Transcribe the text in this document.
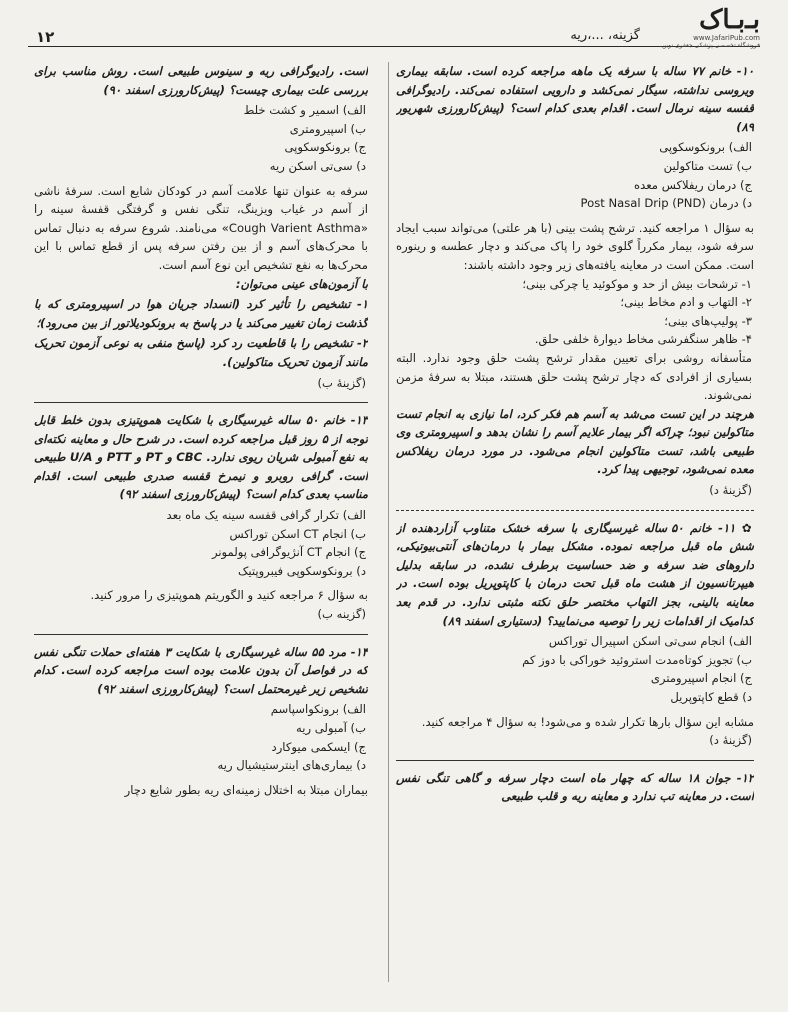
۱۲	گزینه، ...،ریه
بـ‌بـاک
www.JafariPub.com
فروشگاه تخصصی پزشکی جعفری نوین

۱۰- خانم ۷۷ ساله با سرفه یک ماهه مراجعه کرده است. سابقه بیماری ویروسی نداشته، سیگار نمی‌کشد و دارویی استفاده نمی‌کند. رادیوگرافی قفسه سینه نرمال است. اقدام بعدی کدام است؟ (پیش‌کارورزی شهریور ۸۹)

الف) برونکوسکوپی

ب) تست متاکولین

ج) درمان ریفلاکس معده

د) درمان Post Nasal Drip (PND)

به سؤال ۱ مراجعه کنید. ترشح پشت بینی (با هر علتی) می‌تواند سبب ایجاد سرفه شود، بیمار مکرراً گلوی خود را پاک می‌کند و دچار عطسه و رینوره است. ممکن است در معاینه یافته‌های زیر وجود داشته باشند:

۱- ترشحات بیش از حد و موکوئید یا چرکی بینی؛

۲- التهاب و ادم مخاط بینی؛

۳- پولیپ‌های بینی؛

۴- ظاهر سنگفرشی مخاط دیوارهٔ خلفی حلق.

متأسفانه روشی برای تعیین مقدار ترشح پشت حلق وجود ندارد. البته بسیاری از افرادی که دچار ترشح پشت حلق هستند، مبتلا به سرفهٔ مزمن نمی‌شوند.

هرچند در این تست می‌شد به آسم هم فکر کرد، اما نیازی به انجام تست متاکولین نبود؛ چراکه اگر بیمار علایم آسم را نشان بدهد و اسپیرومتری وی طبیعی باشد، تست متاکولین انجام می‌شود. در مورد درمان ریفلاکس معده نمی‌شود، توجیهی پیدا کرد.

(گزینهٔ د)

✿ ۱۱- خانم ۵۰ ساله غیرسیگاری با سرفه خشک متناوب آزاردهنده از شش ماه قبل مراجعه نموده. مشکل بیمار با درمان‌های آنتی‌بیوتیکی، داروهای ضد سرفه و ضد حساسیت برطرف نشده، در سابقه بدلیل هیپرتانسیون از هشت ماه قبل تحت درمان با کاپتوپریل بوده است. در معاینه بالینی، بجز التهاب مختصر حلق نکته مثبتی ندارد. در قدم بعد کدامیک از اقدامات زیر را توصیه می‌نمایید؟ (دستیاری اسفند ۸۹)

الف) انجام سی‌تی اسکن اسپیرال توراکس

ب) تجویز کوتاه‌مدت استروئید خوراکی با دوز کم

ج) انجام اسپیرومتری

د) قطع کاپتوپریل

مشابه این سؤال بارها تکرار شده و می‌شود! به سؤال ۴ مراجعه کنید.

(گزینهٔ د)

۱۲- جوان ۱۸ ساله که چهار ماه است دچار سرفه و گاهی تنگی نفس است. در معاینه تب ندارد و معاینه ریه و قلب طبیعی

است. رادیوگرافی ریه و سینوس طبیعی است. روش مناسب برای بررسی علت بیماری چیست؟ (پیش‌کارورزی اسفند ۹۰)

الف) اسمیر و کشت خلط

ب) اسپیرومتری

ج) برونکوسکوپی

د) سی‌تی اسکن ریه

سرفه به عنوان تنها علامت آسم در کودکان شایع است. سرفهٔ ناشی از آسم در غیاب ویزینگ، تنگی نفس و گرفتگی قفسهٔ سینه را «Cough Varient Asthma» می‌نامند. شروع سرفه به دنبال تماس با محرک‌های آسم و از بین رفتن سرفه پس از قطع تماس با این محرک‌ها به نفع تشخیص این نوع آسم است.

با آزمون‌های عینی می‌توان:

۱- تشخیص را تأثیر کرد (انسداد جریان هوا در اسپیرومتری که با گذشت زمان تغییر می‌کند یا در پاسخ به برونکودیلاتور از بین می‌رود)؛

۲- تشخیص را با قاطعیت رد کرد (پاسخ منفی به نوعی آزمون تحریک مانند آزمون تحریک متاکولین).

(گزینهٔ ب)

۱۳- خانم ۵۰ ساله غیرسیگاری با شکایت هموپتیزی بدون خلط قابل توجه از ۵ روز قبل مراجعه کرده است. در شرح حال و معاینه نکته‌ای به نفع آمبولی شریان ریوی ندارد. CBC و PT و PTT و U/A طبیعی است. گرافی روبرو و نیمرخ قفسه صدری طبیعی است. اقدام مناسب بعدی کدام است؟ (پیش‌کارورزی اسفند ۹۲)

الف) تکرار گرافی قفسه سینه یک ماه بعد

ب) انجام CT اسکن توراکس

ج) انجام CT آنژیوگرافی پولمونر

د) برونکوسکوپی فیبروپتیک

به سؤال ۶ مراجعه کنید و الگوریتم هموپتیزی را مرور کنید.

(گزینه ب)

۱۴- مرد ۵۵ ساله غیرسیگاری با شکایت ۳ هفته‌ای حملات تنگی نفس که در فواصل آن بدون علامت بوده است مراجعه کرده است. کدام تشخیص زیر غیرمحتمل است؟ (پیش‌کارورزی اسفند ۹۲)

الف) برونکواسپاسم

ب) آمبولی ریه

ج) ایسکمی میوکارد

د) بیماری‌های اینترستیشیال ریه

بیماران مبتلا به اختلال زمینه‌ای ریه بطور شایع دچار
